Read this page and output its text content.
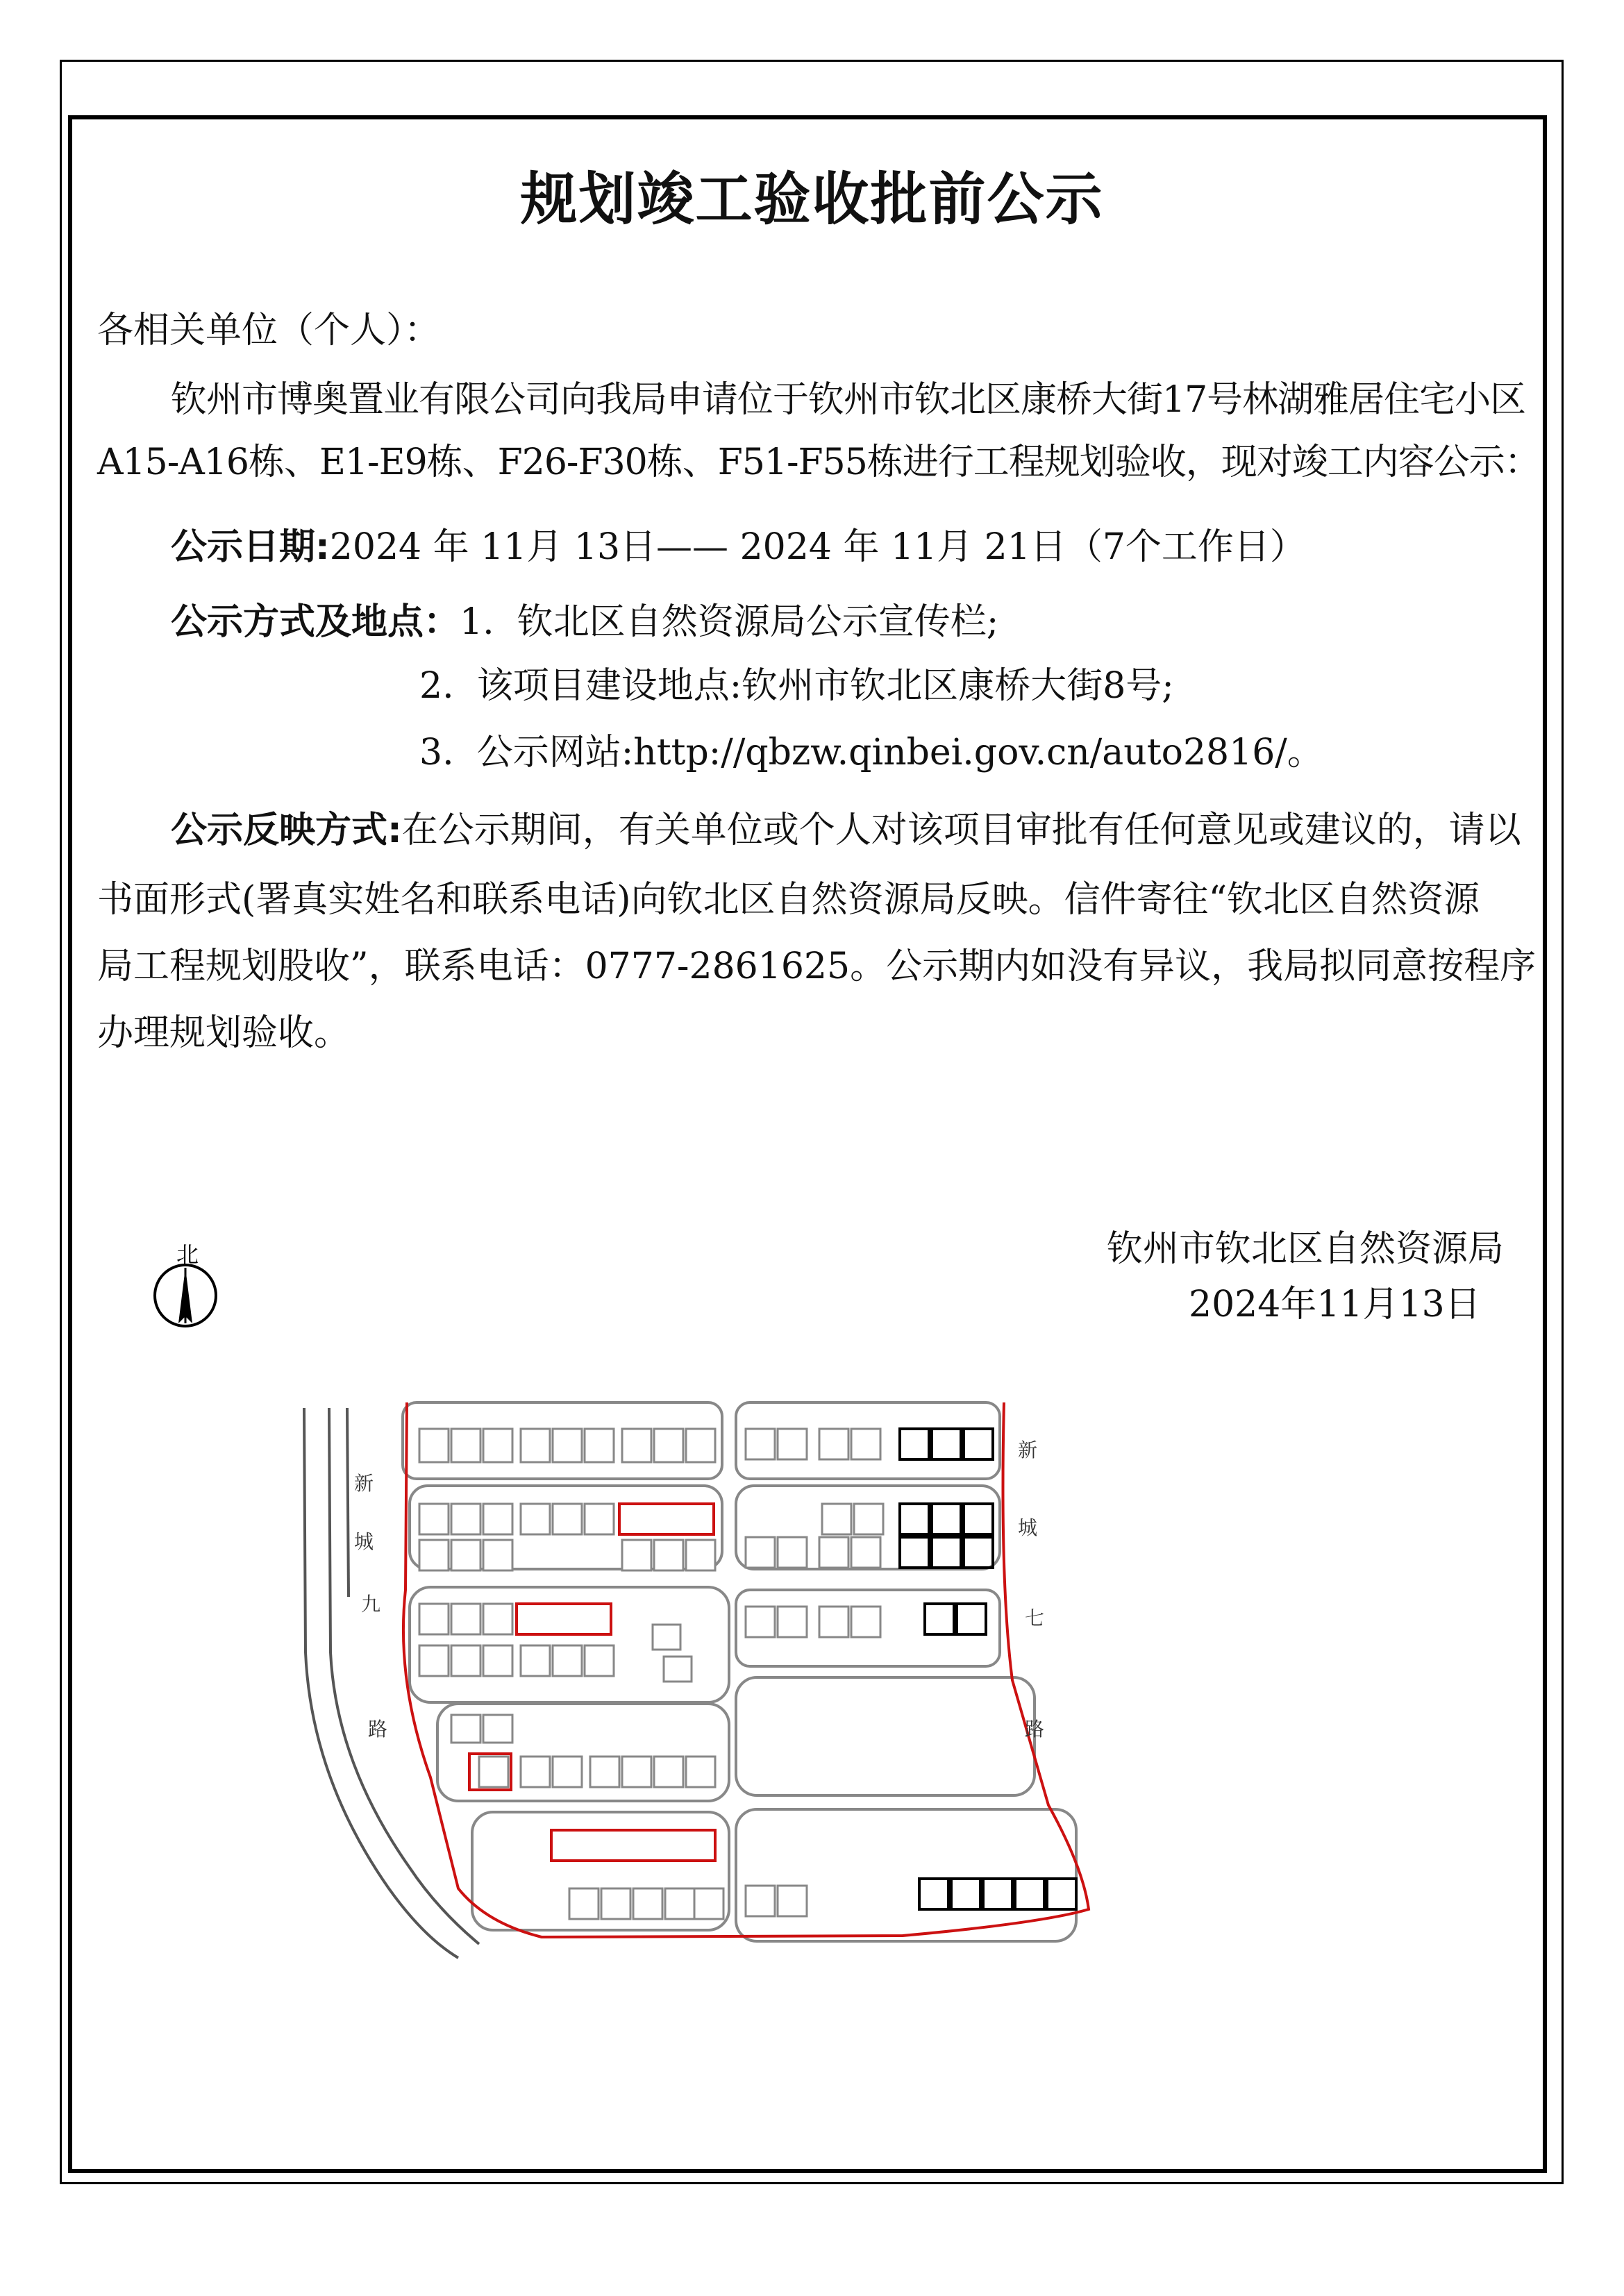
规划竣工验收批前公示
各相关单位（个人）：
钦州市博奥置业有限公司向我局申请位于钦州市钦北区康桥大街17号林湖雅居住宅小区
A15-A16栋、E1-E9栋、F26-F30栋、F51-F55栋进行工程规划验收，现对竣工内容公示：
公示日期:2024 年 11月 13日—— 2024 年 11月 21日（7个工作日）
公示方式及地点：1. 钦北区自然资源局公示宣传栏;
2. 该项目建设地点:钦州市钦北区康桥大街8号;
3. 公示网站:http://qbzw.qinbei.gov.cn/auto2816/。
公示反映方式:在公示期间，有关单位或个人对该项目审批有任何意见或建议的，请以
书面形式(署真实姓名和联系电话)向钦北区自然资源局反映。信件寄往“钦北区自然资源
局工程规划股收”，联系电话：0777-2861625。公示期内如没有异议，我局拟同意按程序
办理规划验收。
钦州市钦北区自然资源局
2024年11月13日
北
新
城
九
路
新
城
七
路
